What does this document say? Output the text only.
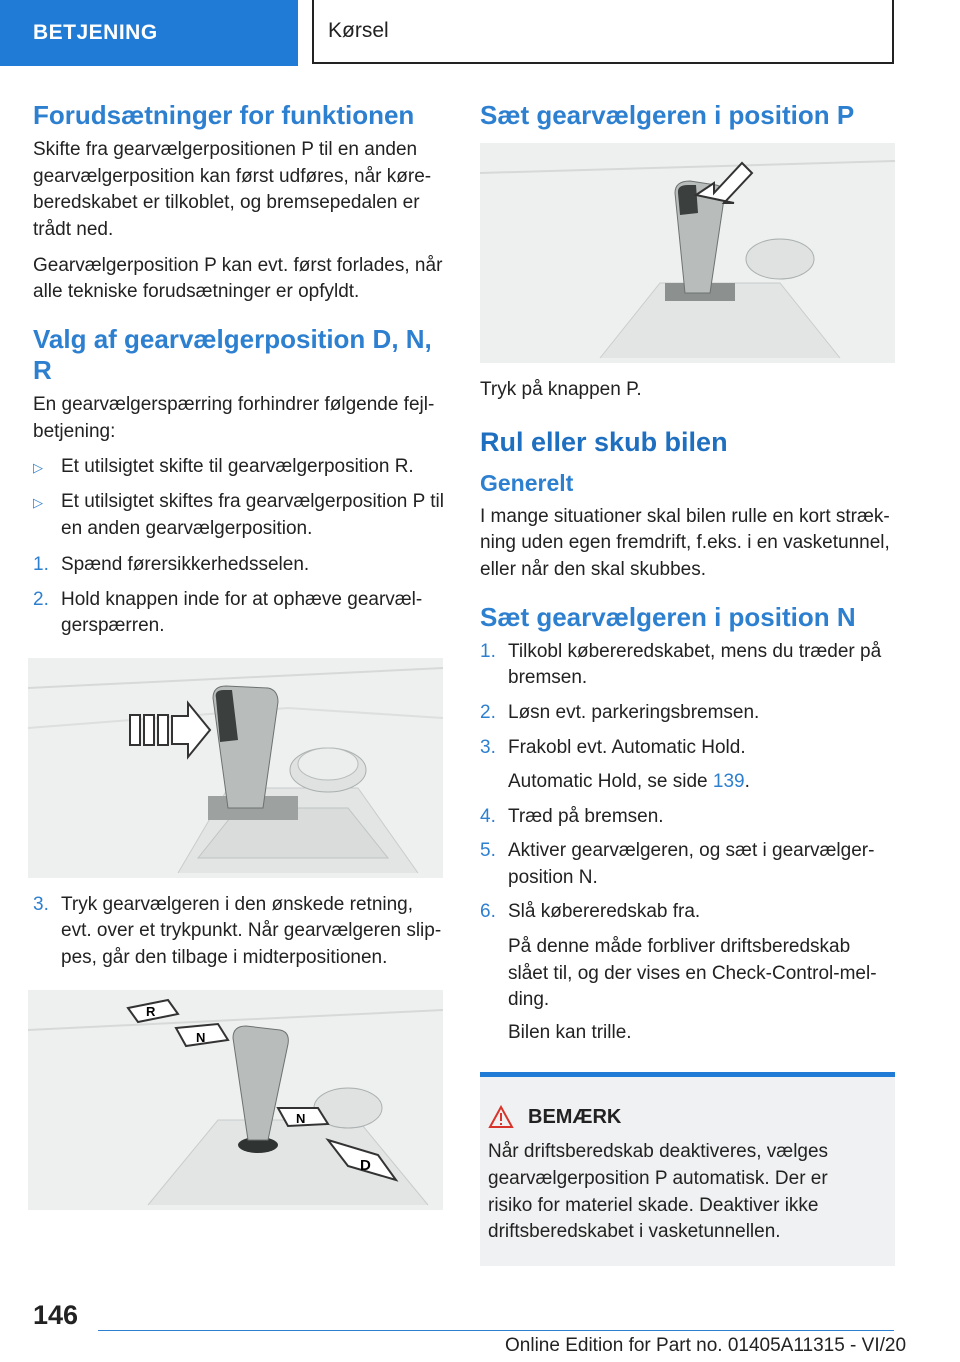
BETJENING	Kørsel
Forudsætninger for funktionen

Skifte fra gearvælgerpositionen P til en anden gearvælgerposition kan først udføres, når køreberedskabet er tilkoblet, og bremsepedalen er trådt ned.

Gearvælgerposition P kan evt. først forlades, når alle tekniske forudsætninger er opfyldt.

Valg af gearvælgerposition D, N, R

En gearvælgerspærring forhindrer følgende fejlbetjening:

▷ Et utilsigtet skifte til gearvælgerposition R.
▷ Et utilsigtet skiftes fra gearvælgerposition P til en anden gearvælgerposition.
1. Spænd førersikkerhedsselen.
2. Hold knappen inde for at ophæve gearvælgerspærren.
3. Tryk gearvælgeren i den ønskede retning, evt. over et trykpunkt. Når gearvælgeren slippes, går den tilbage i midterpositionen.
R
N
N
D
Sæt gearvælgeren i position P

Tryk på knappen P.

Rul eller skub bilen
Generelt

I mange situationer skal bilen rulle en kort strækning uden egen fremdrift, f.eks. i en vasketunnel, eller når den skal skubbes.

Sæt gearvælgeren i position N
1. Tilkobl købereredskabet, mens du træder på bremsen.
2. Løsn evt. parkeringsbremsen.
3. Frakobl evt. Automatic Hold.
Automatic Hold, se side 139.
4. Træd på bremsen.
5. Aktiver gearvælgeren, og sæt i gearvælgerposition N.
6. Slå købereredskab fra.
På denne måde forbliver driftsberedskab slået til, og der vises en Check-Control-melding.
Bilen kan trille.
BEMÆRK

Når driftsberedskab deaktiveres, vælges gearvælgerposition P automatisk. Der er risiko for materiel skade. Deaktiver ikke driftsberedskabet i vasketunnellen.

146
Online Edition for Part no. 01405A11315 - VI/20
